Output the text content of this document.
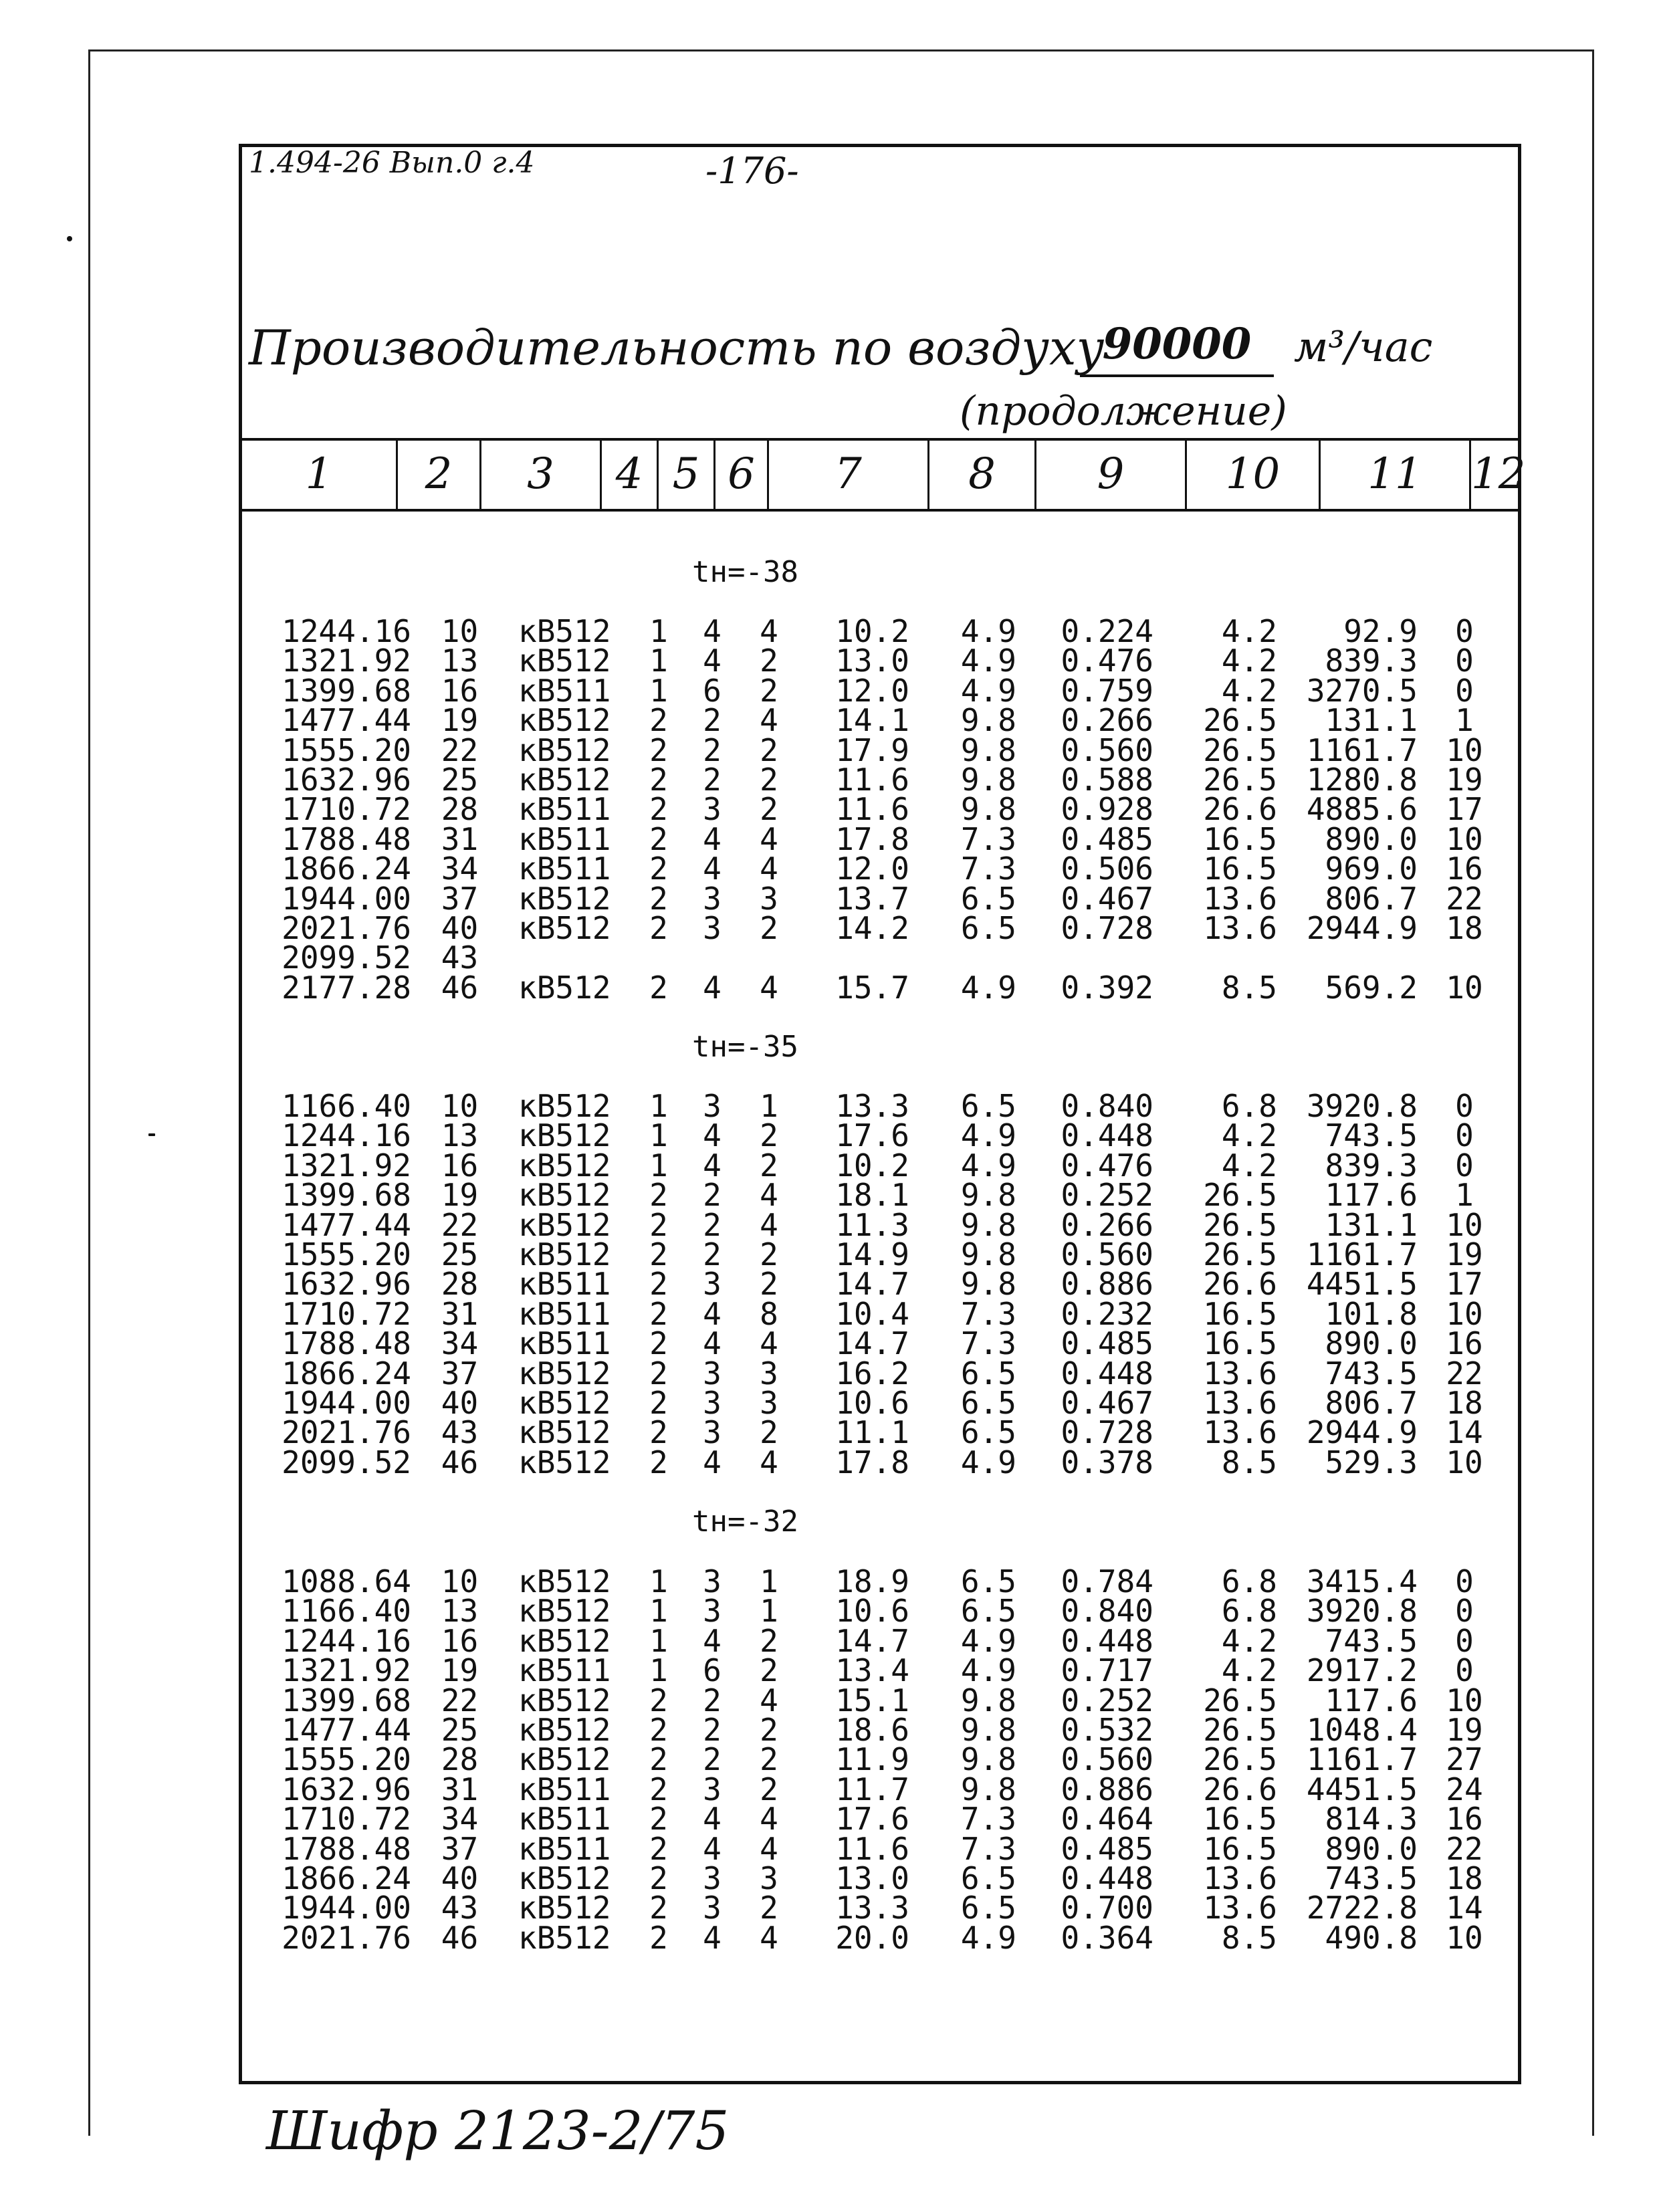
1.494-26 Вып.0 г.4	-176-
Производительность по воздуху
90000	м³/час
(продолжение)
1	2	3	4 5 6	7	8	9	10	11	12
tн=-38
1244.16 10 кВ512	1 4 4	10.2	4.9	0.224	4.2	92.9	0
1321.92 13 кВ512	1 4 2	13.0	4.9	0.476	4.2	839.3	0
1399.68 16 кВ511	1 6 2	12.0	4.9	0.759	4.2 3270.5	0
1477.44 19 кВ512	2 2 4	14.1	9.8	0.266	26.5	131.1	1
1555.20 22 кВ512	2 2 2	17.9	9.8	0.560	26.5 1161.7 10
1632.96 25 кВ512	2 2 2	11.6	9.8	0.588	26.5 1280.8 19
1710.72 28 кВ511	2 3 2	11.6	9.8	0.928	26.6 4885.6 17
1788.48 31 кВ511	2 4 4	17.8	7.3	0.485	16.5	890.0 10
1866.24 34 кВ511	2 4 4	12.0	7.3	0.506	16.5	969.0 16
1944.00 37 кВ512	2 3 3	13.7	6.5	0.467	13.6	806.7 22
2021.76 40 кВ512	2 3 2	14.2	6.5	0.728	13.6 2944.9 18
2099.52 43
2177.28 46 кВ512	2 4 4	15.7	4.9	0.392	8.5	569.2 10
tн=-35
1166.40 10 кВ512	1 3 1	13.3	6.5	0.840	6.8 3920.8	0
1244.16 13 кВ512	1 4 2	17.6	4.9	0.448	4.2	743.5	0
1321.92 16 кВ512	1 4 2	10.2	4.9	0.476	4.2	839.3	0
1399.68 19 кВ512	2 2 4	18.1	9.8	0.252	26.5	117.6	1
1477.44 22 кВ512	2 2 4	11.3	9.8	0.266	26.5	131.1 10
1555.20 25 кВ512	2 2 2	14.9	9.8	0.560	26.5 1161.7 19
1632.96 28 кВ511	2 3 2	14.7	9.8	0.886	26.6 4451.5 17
1710.72 31 кВ511	2 4 8	10.4	7.3	0.232	16.5	101.8 10
1788.48 34 кВ511	2 4 4	14.7	7.3	0.485	16.5	890.0 16
1866.24 37 кВ512	2 3 3	16.2	6.5	0.448	13.6	743.5 22
1944.00 40 кВ512	2 3 3	10.6	6.5	0.467	13.6	806.7 18
2021.76 43 кВ512	2 3 2	11.1	6.5	0.728	13.6 2944.9 14
2099.52 46 кВ512	2 4 4	17.8	4.9	0.378	8.5	529.3 10
tн=-32
1088.64 10 кВ512	1 3 1	18.9	6.5	0.784	6.8 3415.4	0
1166.40 13 кВ512	1 3 1	10.6	6.5	0.840	6.8 3920.8	0
1244.16 16 кВ512	1 4 2	14.7	4.9	0.448	4.2	743.5	0
1321.92 19 кВ511	1 6 2	13.4	4.9	0.717	4.2 2917.2	0
1399.68 22 кВ512	2 2 4	15.1	9.8	0.252	26.5	117.6 10
1477.44 25 кВ512	2 2 2	18.6	9.8	0.532	26.5 1048.4 19
1555.20 28 кВ512	2 2 2	11.9	9.8	0.560	26.5 1161.7 27
1632.96 31 кВ511	2 3 2	11.7	9.8	0.886	26.6 4451.5 24
1710.72 34 кВ511	2 4 4	17.6	7.3	0.464	16.5	814.3 16
1788.48 37 кВ511	2 4 4	11.6	7.3	0.485	16.5	890.0 22
1866.24 40 кВ512	2 3 3	13.0	6.5	0.448	13.6	743.5 18
1944.00 43 кВ512	2 3 2	13.3	6.5	0.700	13.6 2722.8 14
2021.76 46 кВ512	2 4 4	20.0	4.9	0.364	8.5	490.8 10
Шифр 2123-2/75
